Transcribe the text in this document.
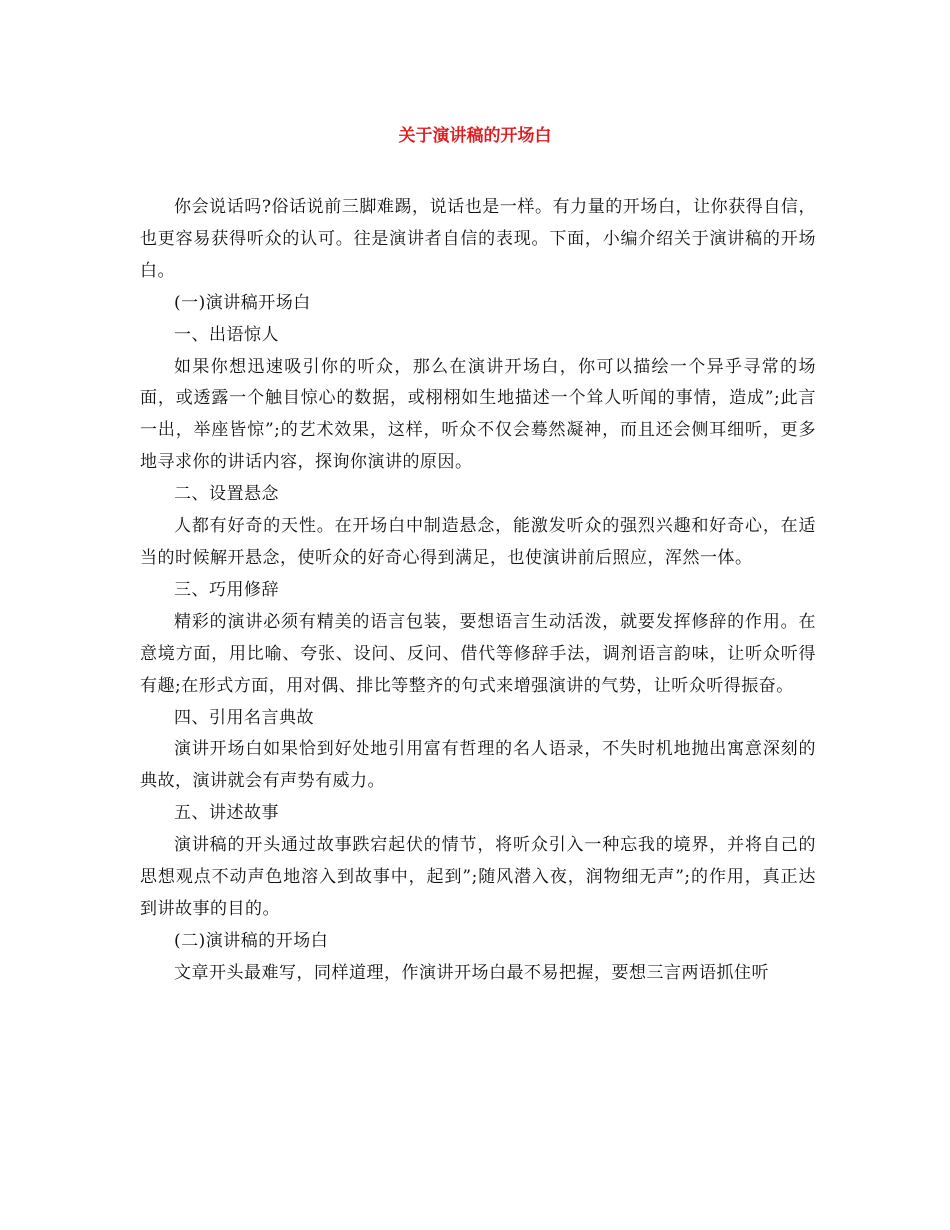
关于演讲稿的开场白

你会说话吗?俗话说前三脚难踢，说话也是一样。有力量的开场白，让你获得自信，也更容易获得听众的认可。往是演讲者自信的表现。下面，小编介绍关于演讲稿的开场白。

(一)演讲稿开场白

一、出语惊人

如果你想迅速吸引你的听众，那么在演讲开场白，你可以描绘一个异乎寻常的场面，或透露一个触目惊心的数据，或栩栩如生地描述一个耸人听闻的事情，造成”;此言一出，举座皆惊”;的艺术效果，这样，听众不仅会蓦然凝神，而且还会侧耳细听，更多地寻求你的讲话内容，探询你演讲的原因。

二、设置悬念

人都有好奇的天性。在开场白中制造悬念，能激发听众的强烈兴趣和好奇心，在适当的时候解开悬念，使听众的好奇心得到满足，也使演讲前后照应，浑然一体。

三、巧用修辞

精彩的演讲必须有精美的语言包装，要想语言生动活泼，就要发挥修辞的作用。在意境方面，用比喻、夸张、设问、反问、借代等修辞手法，调剂语言韵味，让听众听得有趣;在形式方面，用对偶、排比等整齐的句式来增强演讲的气势，让听众听得振奋。

四、引用名言典故

演讲开场白如果恰到好处地引用富有哲理的名人语录，不失时机地抛出寓意深刻的典故，演讲就会有声势有威力。

五、讲述故事

演讲稿的开头通过故事跌宕起伏的情节，将听众引入一种忘我的境界，并将自己的思想观点不动声色地溶入到故事中，起到”;随风潜入夜，润物细无声”;的作用，真正达到讲故事的目的。

(二)演讲稿的开场白

文章开头最难写，同样道理，作演讲开场白最不易把握，要想三言两语抓住听
